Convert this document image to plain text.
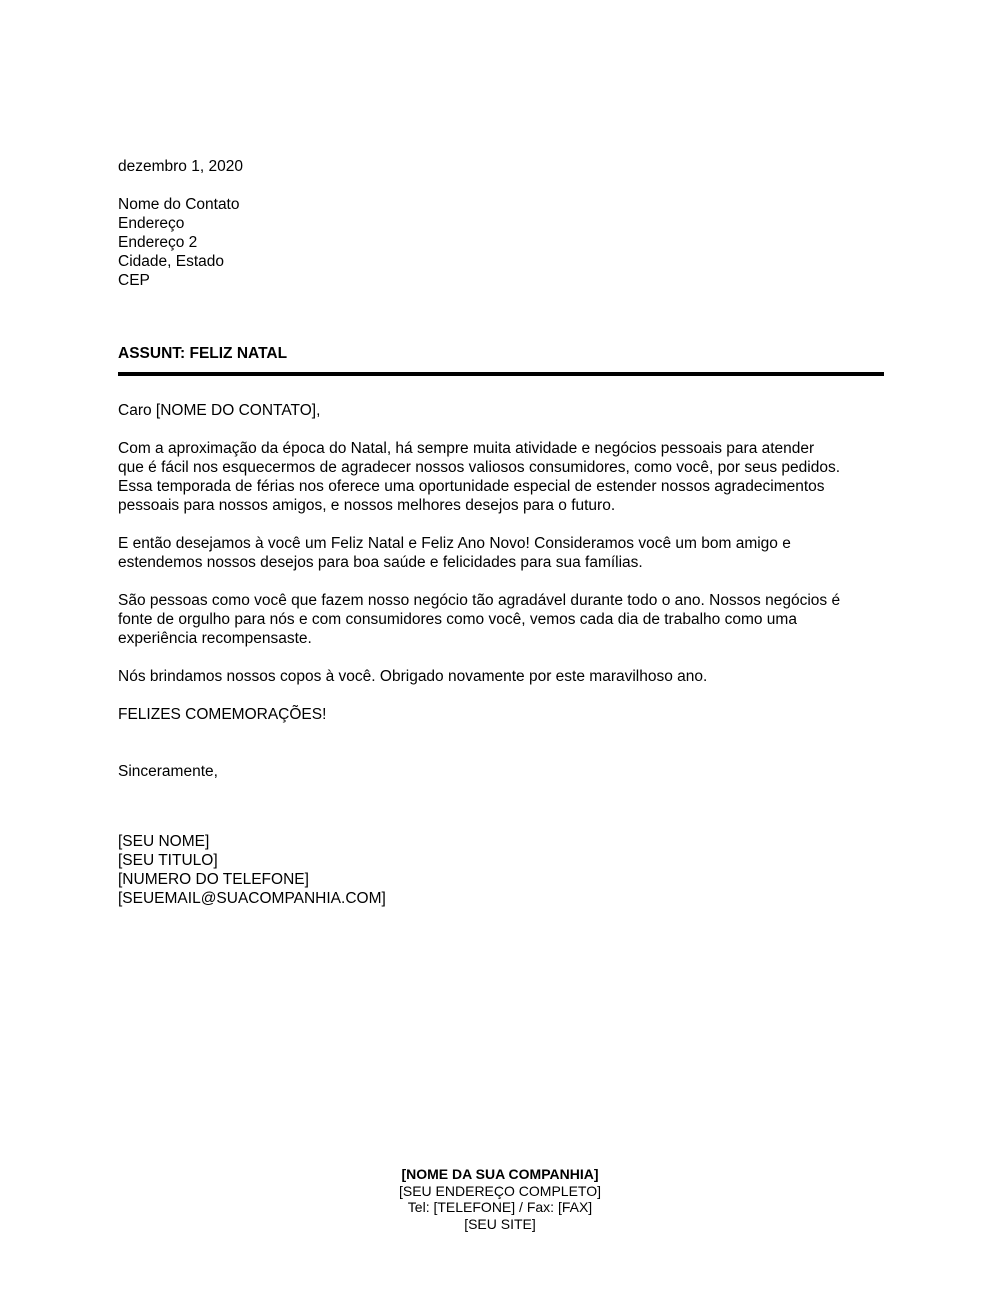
dezembro 1, 2020
Nome do Contato
Endereço
Endereço 2
Cidade, Estado
CEP
ASSUNT: FELIZ NATAL
Caro [NOME DO CONTATO],
Com a aproximação da época do Natal, há sempre muita atividade e negócios pessoais para atender
que é fácil nos esquecermos de agradecer nossos valiosos consumidores, como você, por seus pedidos.
Essa temporada de férias nos oferece uma oportunidade especial de estender nossos agradecimentos
pessoais para nossos amigos, e nossos melhores desejos para o futuro.
E então desejamos à você um Feliz Natal e Feliz Ano Novo! Consideramos você um bom amigo e
estendemos nossos desejos para boa saúde e felicidades para sua famílias.
São pessoas como você que fazem nosso negócio tão agradável durante todo o ano. Nossos negócios é
fonte de orgulho para nós e com consumidores como você, vemos cada dia de trabalho como uma
experiência recompensaste.
Nós brindamos nossos copos à você. Obrigado novamente por este maravilhoso ano.
FELIZES COMEMORAÇÕES!
Sinceramente,
[SEU NOME]
[SEU TITULO]
[NUMERO DO TELEFONE]
[SEUEMAIL@SUACOMPANHIA.COM]
[NOME DA SUA COMPANHIA]
[SEU ENDEREÇO COMPLETO]
Tel: [TELEFONE] / Fax: [FAX]
[SEU SITE]
